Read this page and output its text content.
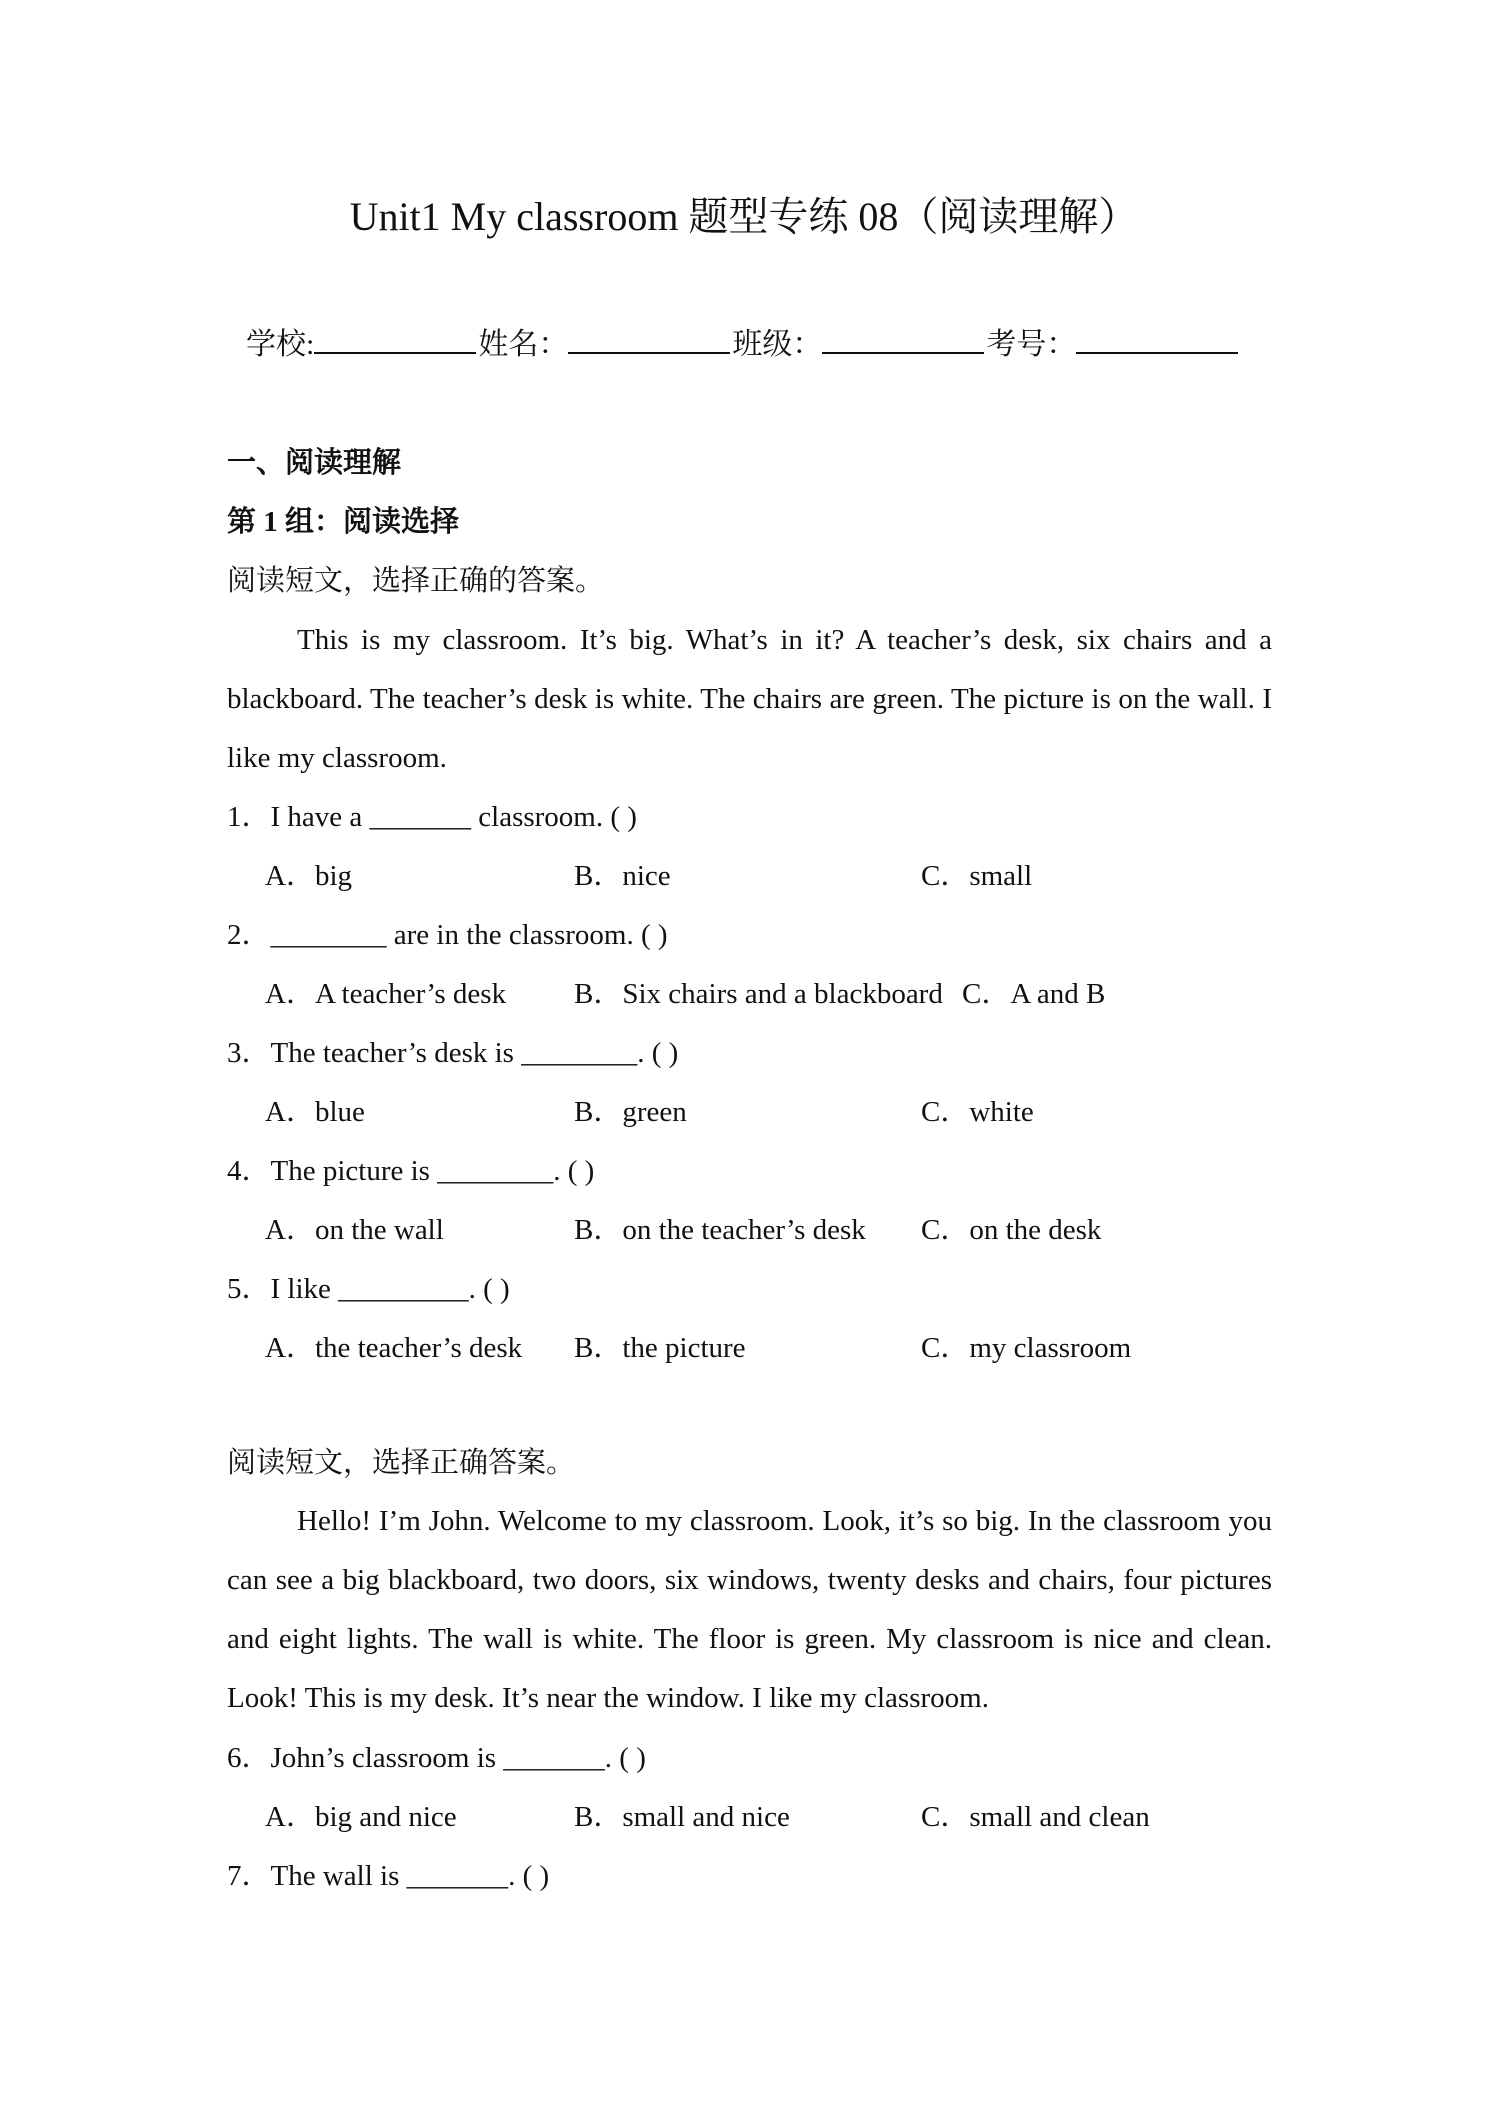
Unit1 My classroom 题型专练 08（阅读理解）
学校:	姓名：	班级：	考号：
一、阅读理解
第 1 组：阅读选择
阅读短文，选择正确的答案。
This is my classroom. It’s big. What’s in it? A teacher’s desk, six chairs and a blackboard. The teacher’s desk is white. The chairs are green. The picture is on the wall. I like my classroom.
1．I have a _______ classroom. ( )
A．big	B．nice	C．small
2．________ are in the classroom. ( )
A．A teacher’s desk B．Six chairs and a blackboard C．A and B
3．The teacher’s desk is ________. ( )
A．blue	B．green	C．white
4．The picture is ________. ( )
A．on the wall	B．on the teacher’s desk C．on the desk
5．I like _________. ( )
A．the teacher’s desk B．the picture	C．my classroom
阅读短文，选择正确答案。
Hello! I’m John. Welcome to my classroom. Look, it’s so big. In the classroom you can see a big blackboard, two doors, six windows, twenty desks and chairs, four pictures and eight lights. The wall is white. The floor is green. My classroom is nice and clean. Look! This is my desk. It’s near the window. I like my classroom.
6．John’s classroom is _______. ( )
A．big and nice	B．small and nice	C．small and clean
7．The wall is _______. ( )
